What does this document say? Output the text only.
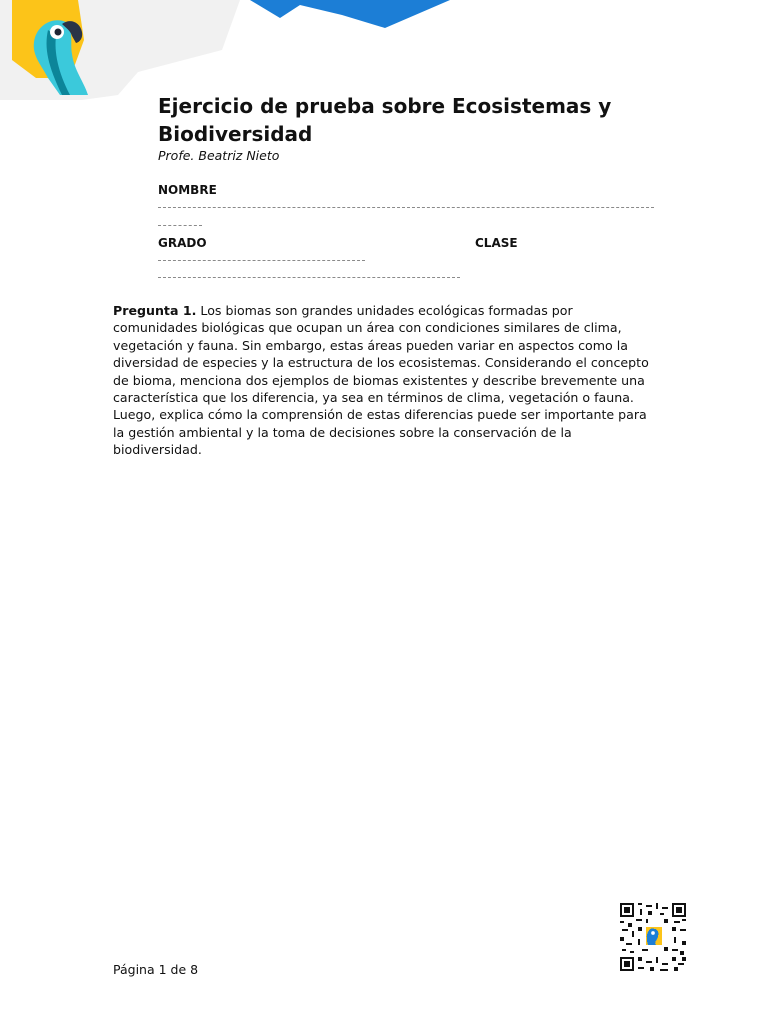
Ejercicio de prueba sobre Ecosistemas y Biodiversidad
Profe. Beatriz Nieto
NOMBRE
GRADO	CLASE

Pregunta 1. Los biomas son grandes unidades ecológicas formadas por comunidades biológicas que ocupan un área con condiciones similares de clima, vegetación y fauna. Sin embargo, estas áreas pueden variar en aspectos como la diversidad de especies y la estructura de los ecosistemas. Considerando el concepto de bioma, menciona dos ejemplos de biomas existentes y describe brevemente una característica que los diferencia, ya sea en términos de clima, vegetación o fauna. Luego, explica cómo la comprensión de estas diferencias puede ser importante para la gestión ambiental y la toma de decisiones sobre la conservación de la biodiversidad.

Página 1 de 8
